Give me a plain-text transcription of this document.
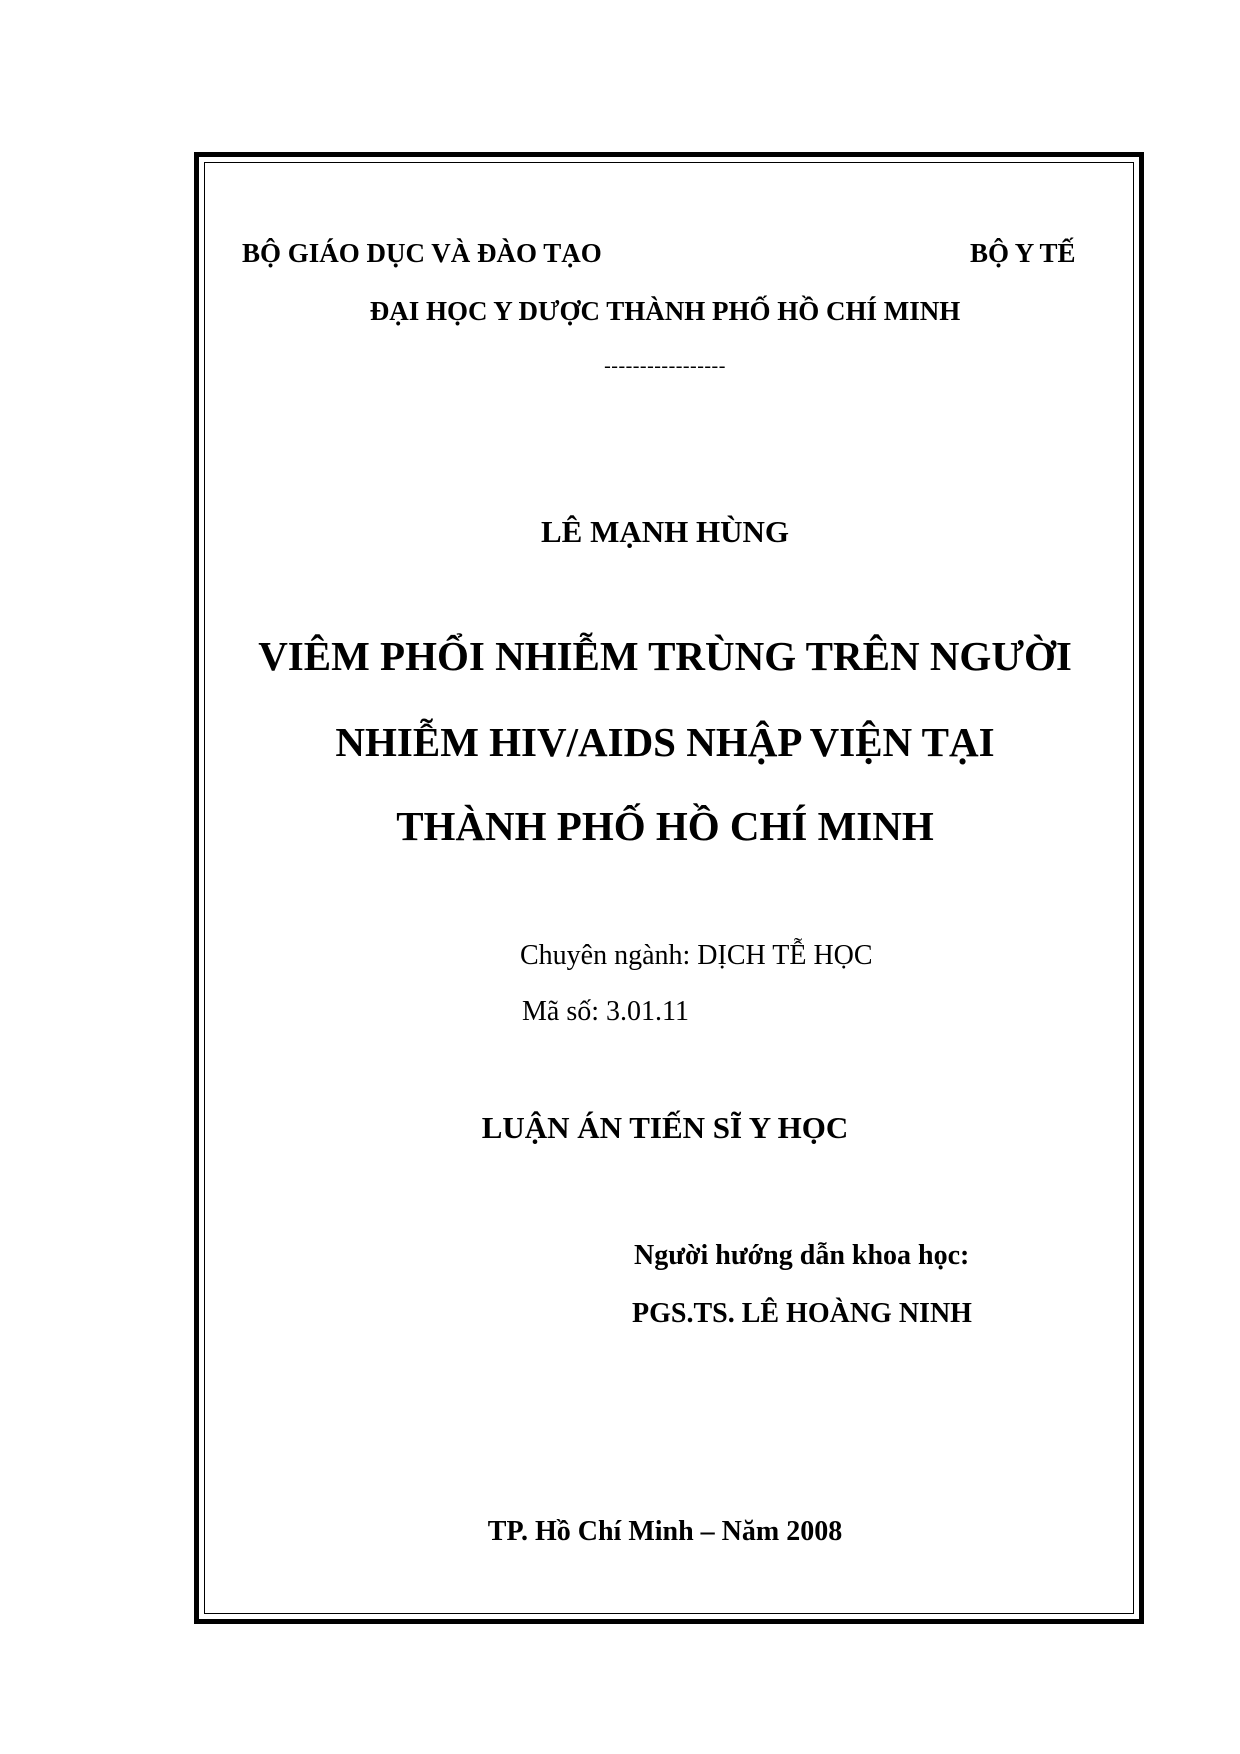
BỘ GIÁO DỤC VÀ ĐÀO TẠO	BỘ Y TẾ
ĐẠI HỌC Y DƯỢC THÀNH PHỐ HỒ CHÍ MINH
-----------------
LÊ MẠNH HÙNG
VIÊM PHỔI NHIỄM TRÙNG TRÊN NGƯỜI
NHIỄM HIV/AIDS NHẬP VIỆN TẠI
THÀNH PHỐ HỒ CHÍ MINH
Chuyên ngành: DỊCH TỄ HỌC
Mã số: 3.01.11
LUẬN ÁN TIẾN SĨ Y HỌC
Người hướng dẫn khoa học:
PGS.TS. LÊ HOÀNG NINH
TP. Hồ Chí Minh – Năm 2008
